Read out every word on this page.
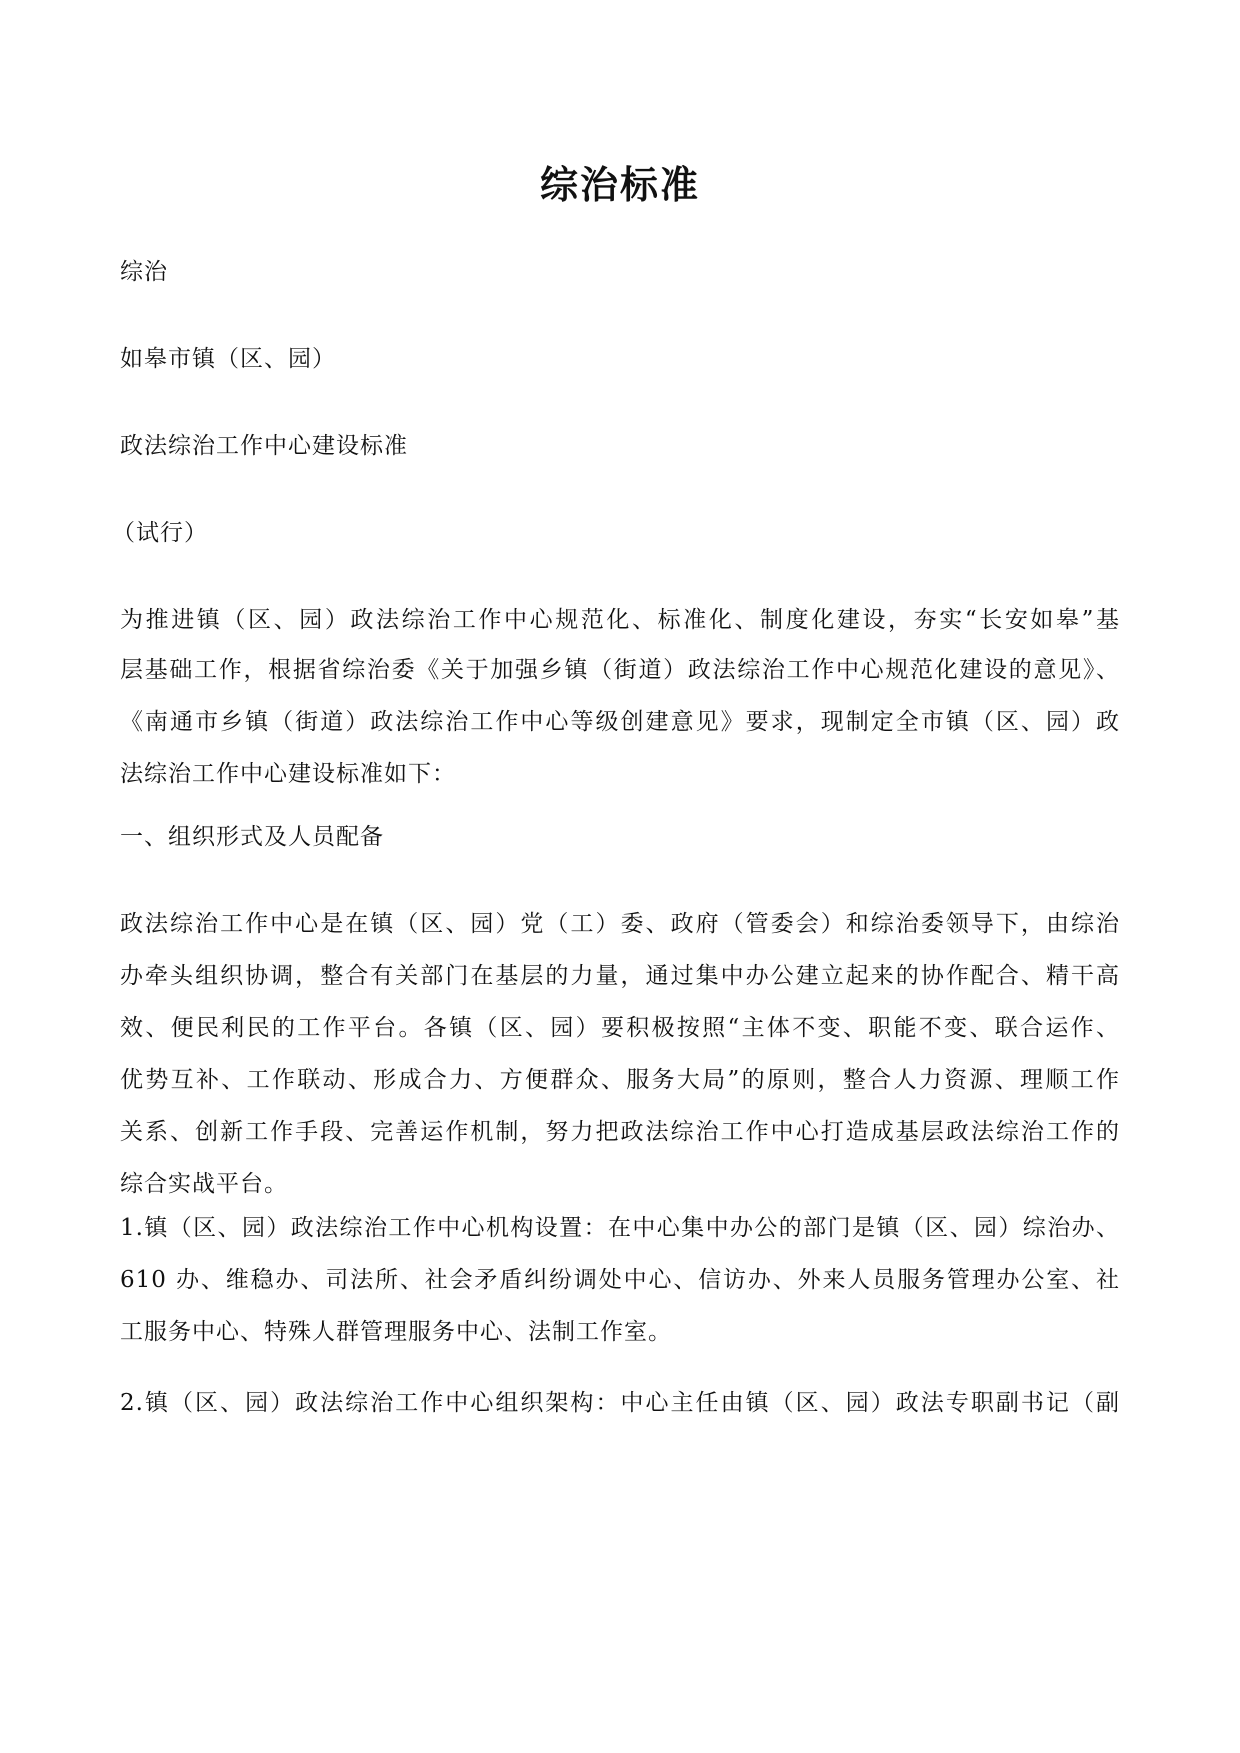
综治标准
综治
如皋市镇（区、园）
政法综治工作中心建设标准
（试行）
为推进镇（区、园）政法综治工作中心规范化、标准化、制度化建设，夯实“长安如皋”基
层基础工作，根据省综治委《关于加强乡镇（街道）政法综治工作中心规范化建设的意见》、
《南通市乡镇（街道）政法综治工作中心等级创建意见》要求，现制定全市镇（区、园）政
法综治工作中心建设标准如下：
一、组织形式及人员配备
政法综治工作中心是在镇（区、园）党（工）委、政府（管委会）和综治委领导下，由综治
办牵头组织协调，整合有关部门在基层的力量，通过集中办公建立起来的协作配合、精干高
效、便民利民的工作平台。各镇（区、园）要积极按照“主体不变、职能不变、联合运作、
优势互补、工作联动、形成合力、方便群众、服务大局”的原则，整合人力资源、理顺工作
关系、创新工作手段、完善运作机制，努力把政法综治工作中心打造成基层政法综治工作的
综合实战平台。
1.镇（区、园）政法综治工作中心机构设置：在中心集中办公的部门是镇（区、园）综治办、
610 办、维稳办、司法所、社会矛盾纠纷调处中心、信访办、外来人员服务管理办公室、社
工服务中心、特殊人群管理服务中心、法制工作室。
2.镇（区、园）政法综治工作中心组织架构：中心主任由镇（区、园）政法专职副书记（副
